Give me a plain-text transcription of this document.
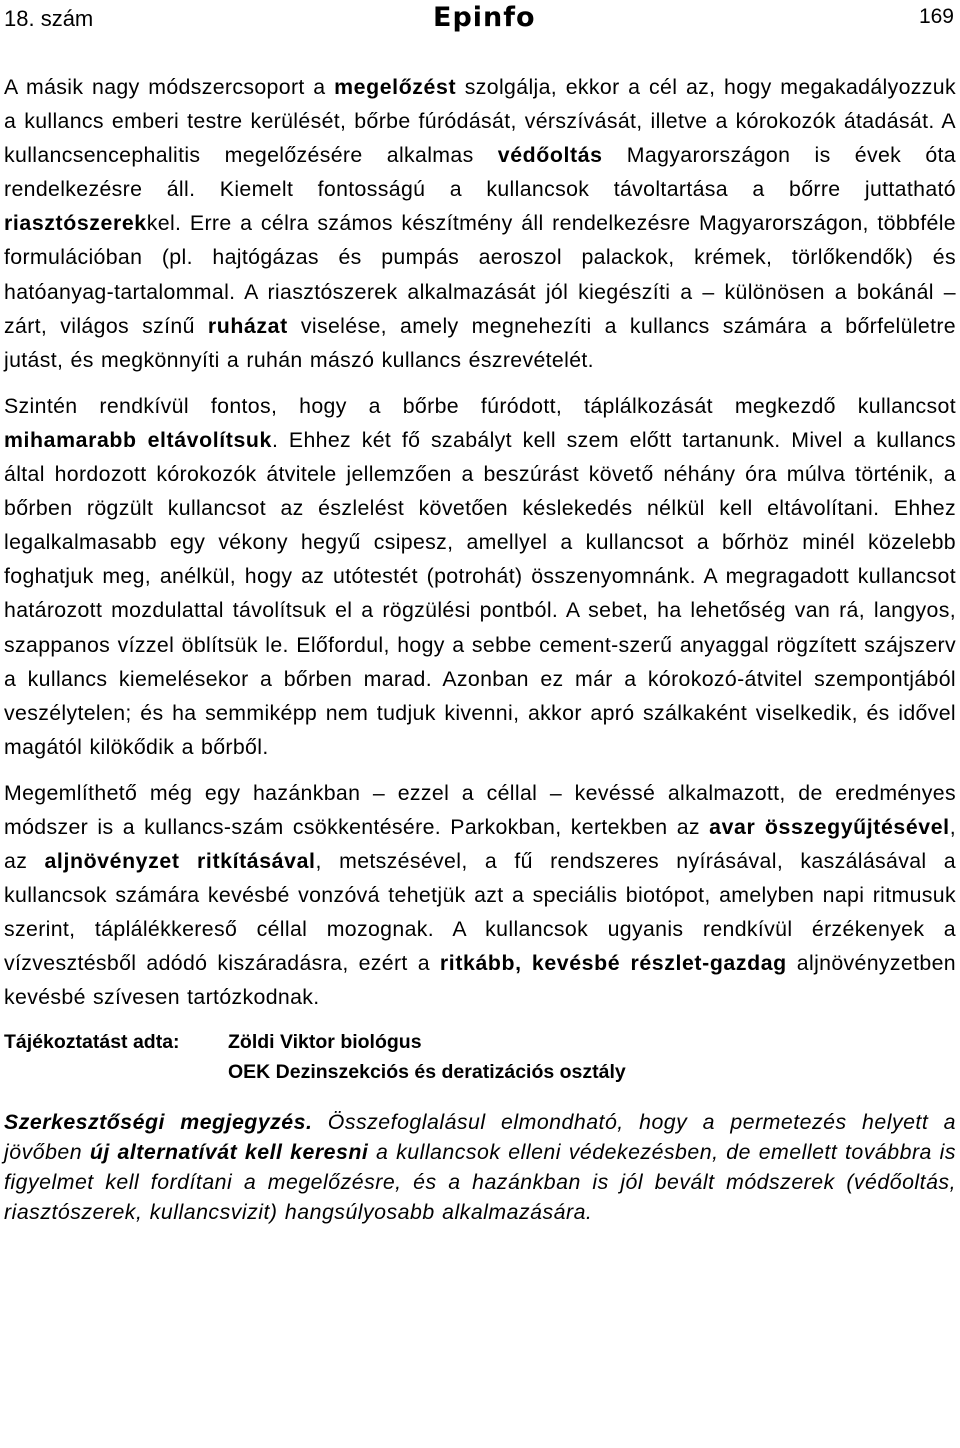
18. szám	Epinfo	169

A másik nagy módszercsoport a megelőzést szolgálja, ekkor a cél az, hogy megakadályozzuk a kullancs emberi testre kerülését, bőrbe fúródását, vérszívását, illetve a kórokozók átadását. A kullancsencephalitis megelőzésére alkalmas védőoltás Magyarországon is évek óta rendelkezésre áll. Kiemelt fontosságú a kullancsok távoltartása a bőrre juttatható riasztószerekkel. Erre a célra számos készítmény áll rendelkezésre Magyarországon, többféle formulációban (pl. hajtógázas és pumpás aeroszol palackok, krémek, törlőkendők) és hatóanyag-tartalommal. A riasztószerek alkalmazását jól kiegészíti a – különösen a bokánál – zárt, világos színű ruházat viselése, amely megnehezíti a kullancs számára a bőrfelületre jutást, és megkönnyíti a ruhán mászó kullancs észrevételét.

Szintén rendkívül fontos, hogy a bőrbe fúródott, táplálkozását megkezdő kullancsot mihamarabb eltávolítsuk. Ehhez két fő szabályt kell szem előtt tartanunk. Mivel a kullancs által hordozott kórokozók átvitele jellemzően a beszúrást követő néhány óra múlva történik, a bőrben rögzült kullancsot az észlelést követően késlekedés nélkül kell eltávolítani. Ehhez legalkalmasabb egy vékony hegyű csipesz, amellyel a kullancsot a bőrhöz minél közelebb foghatjuk meg, anélkül, hogy az utótestét (potrohát) összenyomnánk. A megragadott kullancsot határozott mozdulattal távolítsuk el a rögzülési pontból. A sebet, ha lehetőség van rá, langyos, szappanos vízzel öblítsük le. Előfordul, hogy a sebbe cement-szerű anyaggal rögzített szájszerv a kullancs kiemelésekor a bőrben marad. Azonban ez már a kórokozó-átvitel szempontjából veszélytelen; és ha semmiképp nem tudjuk kivenni, akkor apró szálkaként viselkedik, és idővel magától kilökődik a bőrből.

Megemlíthető még egy hazánkban – ezzel a céllal – kevéssé alkalmazott, de eredményes módszer is a kullancs-szám csökkentésére. Parkokban, kertekben az avar összegyűjtésével, az aljnövényzet ritkításával, metszésével, a fű rendszeres nyírásával, kaszálásával a kullancsok számára kevésbé vonzóvá tehetjük azt a speciális biotópot, amelyben napi ritmusuk szerint, táplálékkereső céllal mozognak. A kullancsok ugyanis rendkívül érzékenyek a vízvesztésből adódó kiszáradásra, ezért a ritkább, kevésbé részlet-gazdag aljnövényzetben kevésbé szívesen tartózkodnak.

Tájékoztatást adta:	Zöldi Viktor biológus
OEK Dezinszekciós és deratizációs osztály

Szerkesztőségi megjegyzés. Összefoglalásul elmondható, hogy a permetezés helyett a jövőben új alternatívát kell keresni a kullancsok elleni védekezésben, de emellett továbbra is figyelmet kell fordítani a megelőzésre, és a hazánkban is jól bevált módszerek (védőoltás, riasztószerek, kullancsvizit) hangsúlyosabb alkalmazására.
